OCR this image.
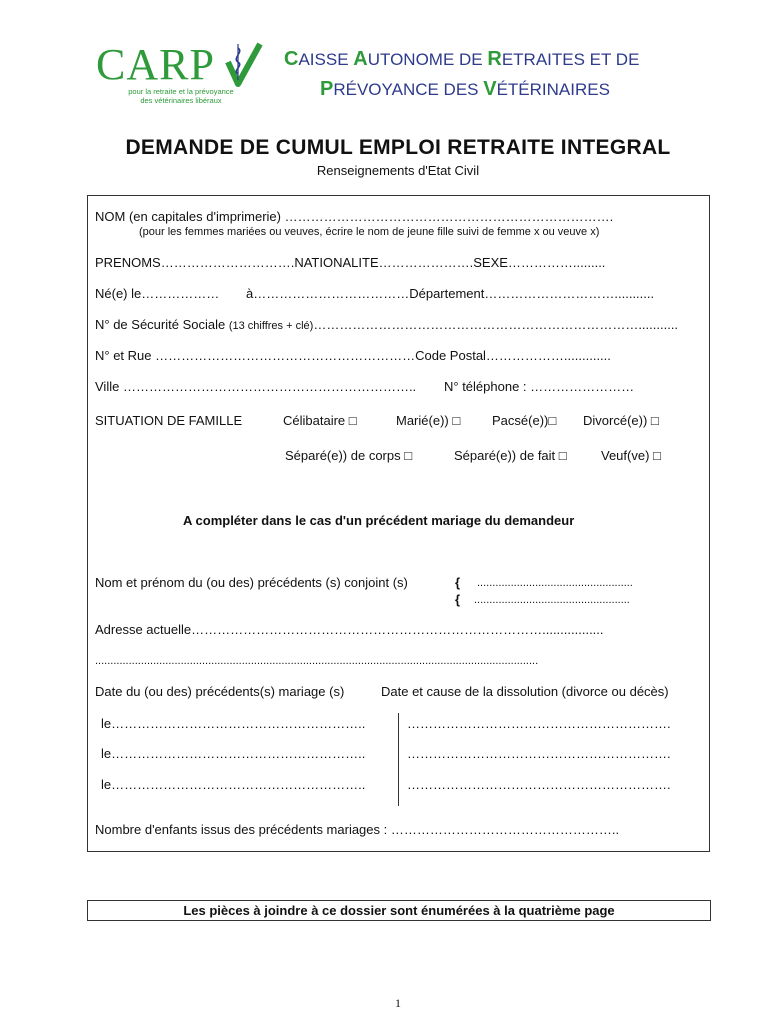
CARP
pour la retraite et la prévoyance des vétérinaires libéraux
CAISSE AUTONOME DE RETRAITES ET DE
PRÉVOYANCE DES VÉTÉRINAIRES
DEMANDE DE CUMUL EMPLOI RETRAITE INTEGRAL
Renseignements d'Etat Civil
NOM (en capitales d'imprimerie) ………………………………………………………………….
(pour les femmes mariées ou veuves, écrire le nom de jeune fille suivi de femme x ou veuve x)
PRENOMS………………………….NATIONALITE………………….SEXE…………….........
Né(e) le……………… à………………………………Département…………………………...........
N° de Sécurité Sociale (13 chiffres + clé)…………………………………………………………………...........
N° et Rue ……………………………………………………Code Postal……………….............
Ville ………………………………………………………….. N° téléphone : ……………………
SITUATION DE FAMILLE	Célibataire □	Marié(e)) □ Pacsé(e))□ Divorcé(e)) □
Séparé(e)) de corps □	Séparé(e)) de fait □	Veuf(ve) □
A compléter dans le cas d'un précédent mariage du demandeur
Nom et prénom du (ou des) précédents (s) conjoint (s)	{ ...................................................
{ ...................................................
Adresse actuelle……………………………………………………………………….................
.................................................................................................................................................
Date du (ou des) précédents(s) mariage (s)	Date et cause de la dissolution (divorce ou décès)
le…………………………………………………..	…………………………………………………….
le…………………………………………………..	…………………………………………………….
le…………………………………………………..	…………………………………………………….
Nombre d'enfants issus des précédents mariages : ……………………………………………..
Les pièces à joindre à ce dossier sont énumérées à la quatrième page
1
